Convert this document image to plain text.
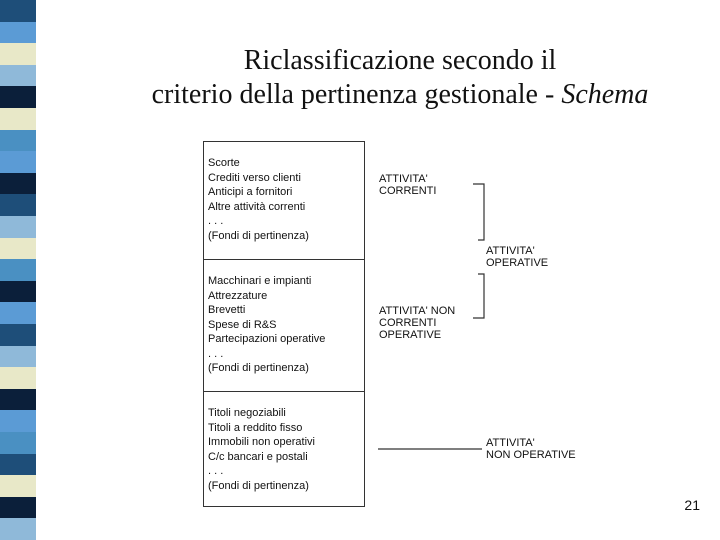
Riclassificazione secondo il
criterio della pertinenza gestionale - Schema
Scorte
Crediti verso clienti
Anticipi a fornitori
Altre attività correnti
. . .
(Fondi di pertinenza)
Macchinari e impianti
Attrezzature
Brevetti
Spese di R&S
Partecipazioni operative
. . .
(Fondi di pertinenza)
Titoli negoziabili
Titoli a reddito fisso
Immobili non operativi
C/c bancari e postali
. . .
(Fondi di pertinenza)
ATTIVITA'
CORRENTI
ATTIVITA'
OPERATIVE
ATTIVITA' NON
CORRENTI
OPERATIVE
ATTIVITA'
NON OPERATIVE
21
